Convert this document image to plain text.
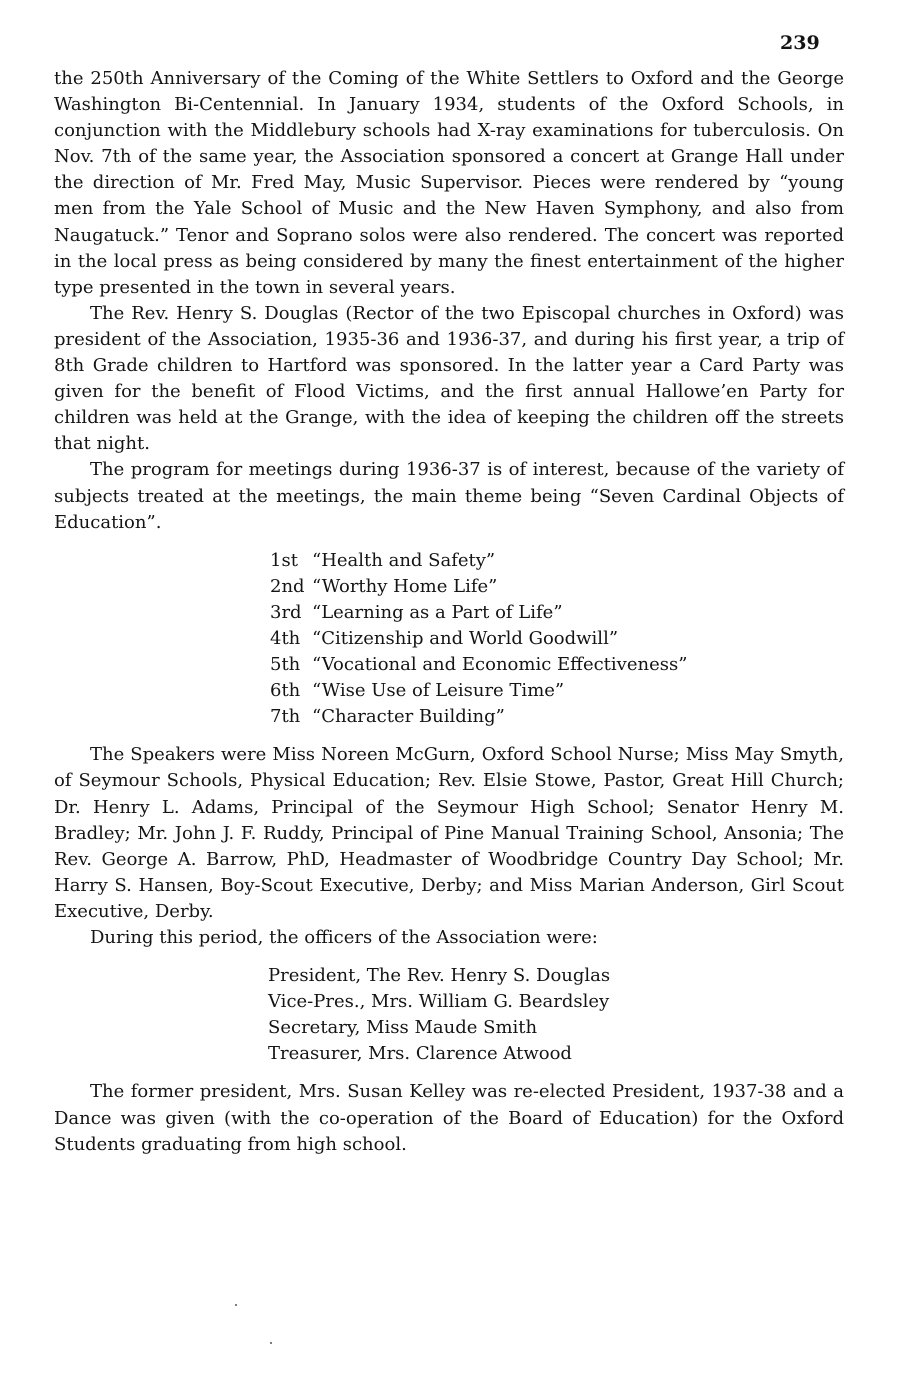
239

the 250th Anniversary of the Coming of the White Settlers to Oxford and the George Washington Bi-Centennial. In January 1934, students of the Oxford Schools, in conjunction with the Middlebury schools had X-ray examinations for tuberculosis. On Nov. 7th of the same year, the Association sponsored a concert at Grange Hall under the direction of Mr. Fred May, Music Supervisor. Pieces were rendered by “young men from the Yale School of Music and the New Haven Symphony, and also from Naugatuck.” Tenor and Soprano solos were also rendered. The concert was reported in the local press as being considered by many the finest entertainment of the higher type presented in the town in several years.

The Rev. Henry S. Douglas (Rector of the two Episcopal churches in Oxford) was president of the Association, 1935-36 and 1936-37, and during his first year, a trip of 8th Grade children to Hartford was sponsored. In the latter year a Card Party was given for the benefit of Flood Victims, and the first annual Hallowe’en Party for children was held at the Grange, with the idea of keeping the children off the streets that night.

The program for meetings during 1936-37 is of interest, because of the variety of subjects treated at the meetings, the main theme being “Seven Cardinal Objects of Education”.

1st “Health and Safety”
2nd “Worthy Home Life”
3rd “Learning as a Part of Life”
4th “Citizenship and World Goodwill”
5th “Vocational and Economic Effectiveness”
6th “Wise Use of Leisure Time”
7th “Character Building”

The Speakers were Miss Noreen McGurn, Oxford School Nurse; Miss May Smyth, of Seymour Schools, Physical Education; Rev. Elsie Stowe, Pastor, Great Hill Church; Dr. Henry L. Adams, Principal of the Seymour High School; Senator Henry M. Bradley; Mr. John J. F. Ruddy, Principal of Pine Manual Training School, Ansonia; The Rev. George A. Barrow, PhD, Headmaster of Woodbridge Country Day School; Mr. Harry S. Hansen, Boy-Scout Executive, Derby; and Miss Marian Anderson, Girl Scout Executive, Derby.

During this period, the officers of the Association were:

President, The Rev. Henry S. Douglas
Vice-Pres., Mrs. William G. Beardsley
Secretary, Miss Maude Smith
Treasurer, Mrs. Clarence Atwood

The former president, Mrs. Susan Kelley was re-elected President, 1937-38 and a Dance was given (with the co-operation of the Board of Education) for the Oxford Students graduating from high school.
